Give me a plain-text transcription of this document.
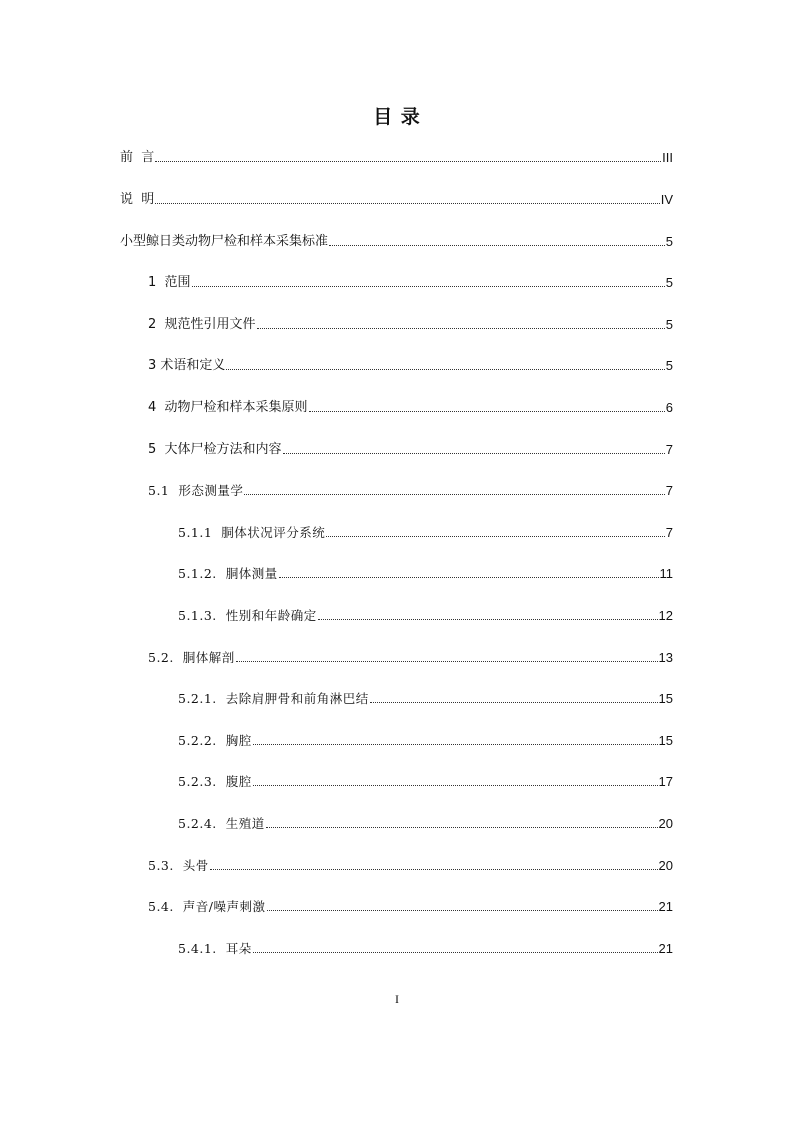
目 录
前  言	III
说  明	IV
小型鲸日类动物尸检和样本采集标准	5
1  范围	5
2  规范性引用文件	5
3 术语和定义	5
4  动物尸检和样本采集原则	6
5  大体尸检方法和内容	7
5.1  形态测量学	7
5.1.1  胴体状况评分系统	7
5.1.2.  胴体测量	11
5.1.3.  性别和年龄确定	12
5.2.  胴体解剖	13
5.2.1.  去除肩胛骨和前角淋巴结	15
5.2.2.  胸腔	15
5.2.3.  腹腔	17
5.2.4.  生殖道	20
5.3.  头骨	20
5.4.  声音/噪声刺激	21
5.4.1.  耳朵	21
I
